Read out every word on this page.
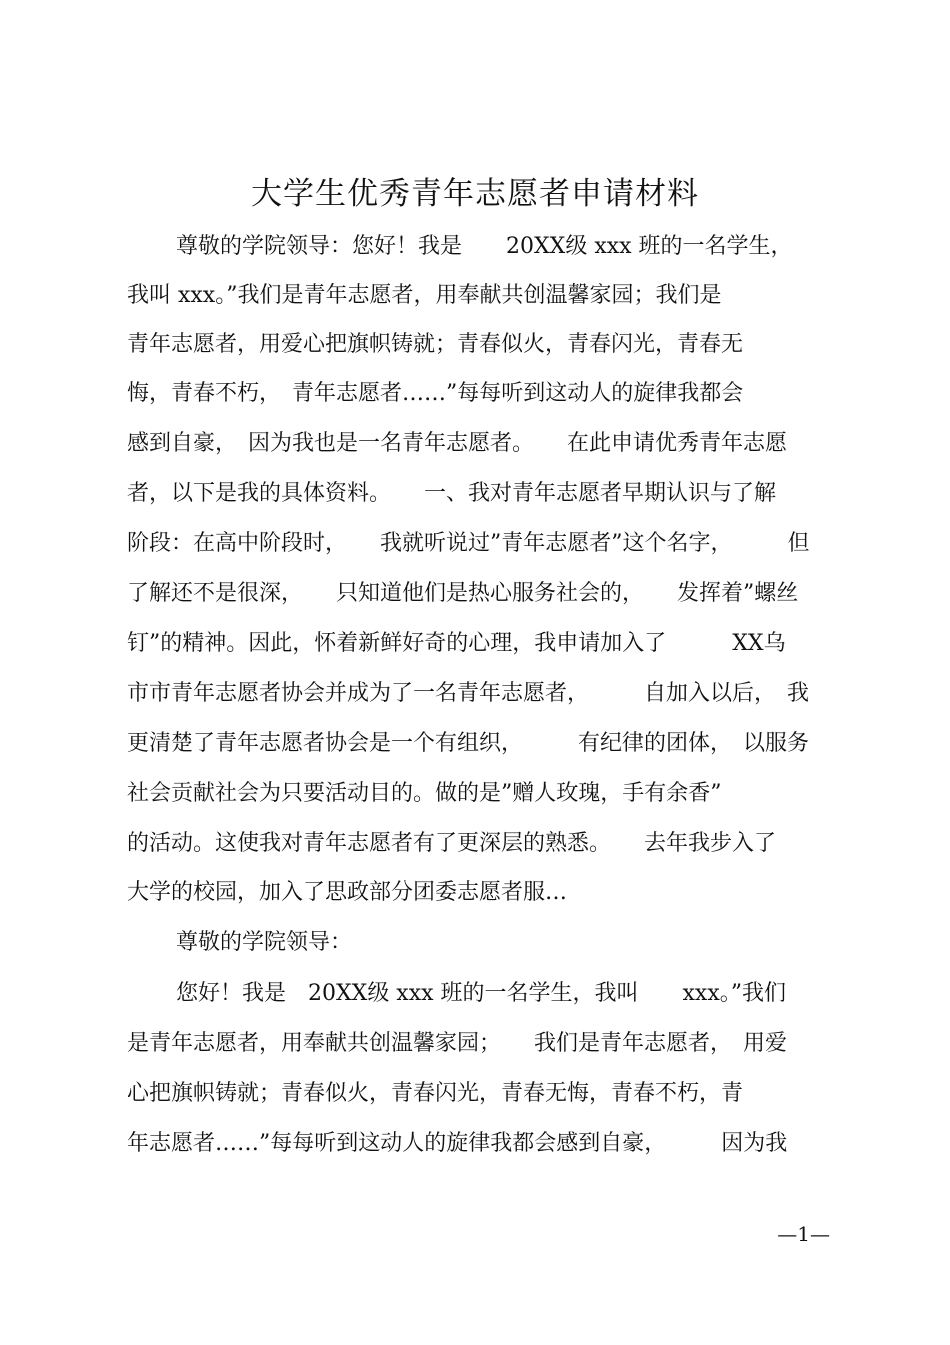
大学生优秀青年志愿者申请材料
尊敬的学院领导：您好！我是　　20XX级 xxx 班的一名学生，
我叫 xxx。”我们是青年志愿者，用奉献共创温馨家园；我们是
青年志愿者，用爱心把旗帜铸就；青春似火，青春闪光，青春无
悔，青春不朽，　青年志愿者……”每每听到这动人的旋律我都会
感到自豪，　因为我也是一名青年志愿者。　　在此申请优秀青年志愿
者，以下是我的具体资料。　　一、我对青年志愿者早期认识与了解
阶段：在高中阶段时，　　我就听说过”青年志愿者”这个名字，　　　但
了解还不是很深，　　只知道他们是热心服务社会的，　　发挥着”螺丝
钉”的精神。因此，怀着新鲜好奇的心理，我申请加入了　　　XX乌
市市青年志愿者协会并成为了一名青年志愿者，　　　自加入以后，　我
更清楚了青年志愿者协会是一个有组织，　　　有纪律的团体，　以服务
社会贡献社会为只要活动目的。做的是”赠人玫瑰，手有余香”
的活动。这使我对青年志愿者有了更深层的熟悉。　　去年我步入了
大学的校园，加入了思政部分团委志愿者服…
尊敬的学院领导：
您好！我是　20XX级 xxx 班的一名学生，我叫　　xxx。”我们
是青年志愿者，用奉献共创温馨家园；　　我们是青年志愿者，　用爱
心把旗帜铸就；青春似火，青春闪光，青春无悔，青春不朽，青
年志愿者……”每每听到这动人的旋律我都会感到自豪，　　　因为我
—1—
